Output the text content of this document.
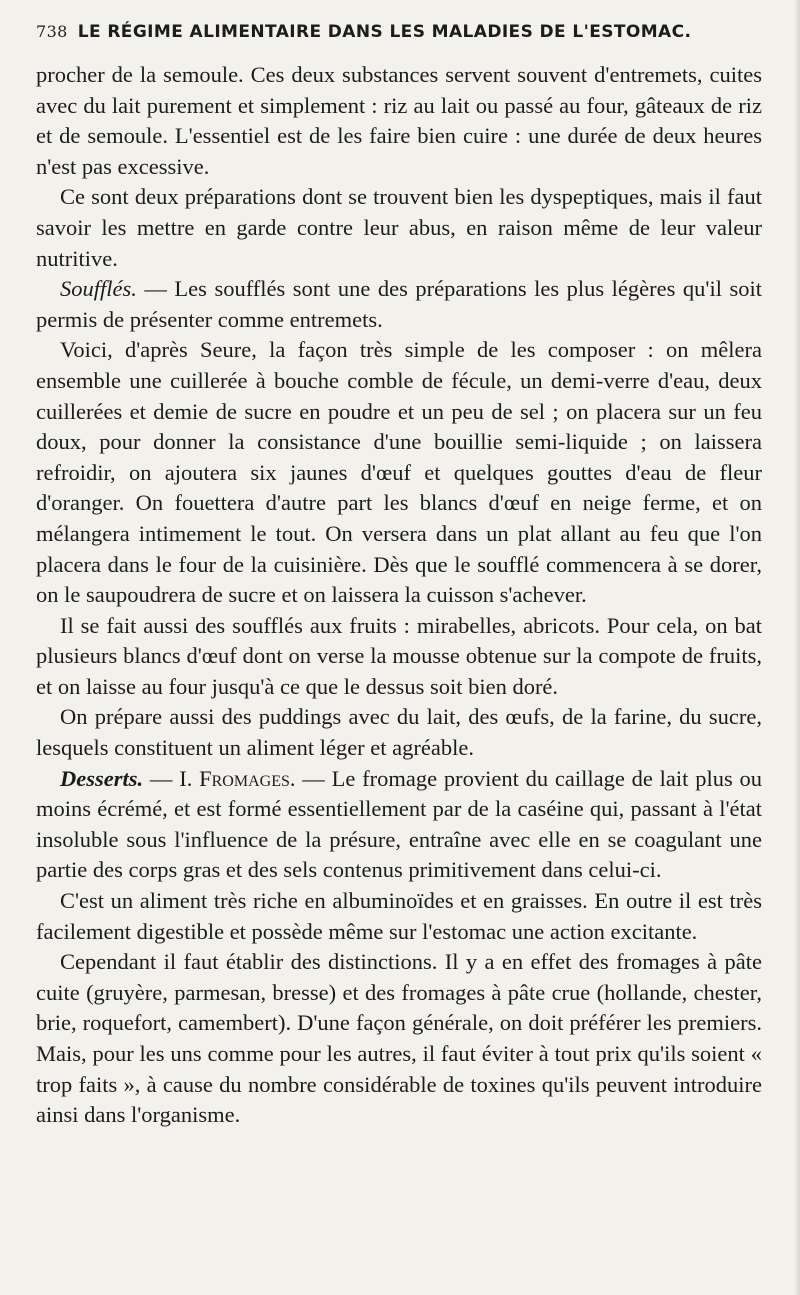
738 LE RÉGIME ALIMENTAIRE DANS LES MALADIES DE L'ESTOMAC.

procher de la semoule. Ces deux substances servent souvent d'entremets, cuites avec du lait purement et simplement : riz au lait ou passé au four, gâteaux de riz et de semoule. L'essentiel est de les faire bien cuire : une durée de deux heures n'est pas excessive.

Ce sont deux préparations dont se trouvent bien les dyspeptiques, mais il faut savoir les mettre en garde contre leur abus, en raison même de leur valeur nutritive.

Soufflés. — Les soufflés sont une des préparations les plus légères qu'il soit permis de présenter comme entremets.

Voici, d'après Seure, la façon très simple de les composer : on mêlera ensemble une cuillerée à bouche comble de fécule, un demi-verre d'eau, deux cuillerées et demie de sucre en poudre et un peu de sel ; on placera sur un feu doux, pour donner la consistance d'une bouillie semi-liquide ; on laissera refroidir, on ajoutera six jaunes d'œuf et quelques gouttes d'eau de fleur d'oranger. On fouettera d'autre part les blancs d'œuf en neige ferme, et on mélangera intimement le tout. On versera dans un plat allant au feu que l'on placera dans le four de la cuisinière. Dès que le soufflé commencera à se dorer, on le saupoudrera de sucre et on laissera la cuisson s'achever.

Il se fait aussi des soufflés aux fruits : mirabelles, abricots. Pour cela, on bat plusieurs blancs d'œuf dont on verse la mousse obtenue sur la compote de fruits, et on laisse au four jusqu'à ce que le dessus soit bien doré.

On prépare aussi des puddings avec du lait, des œufs, de la farine, du sucre, lesquels constituent un aliment léger et agréable.

Desserts. — I. Fromages. — Le fromage provient du caillage de lait plus ou moins écrémé, et est formé essentiellement par de la caséine qui, passant à l'état insoluble sous l'influence de la présure, entraîne avec elle en se coagulant une partie des corps gras et des sels contenus primitivement dans celui-ci.

C'est un aliment très riche en albuminoïdes et en graisses. En outre il est très facilement digestible et possède même sur l'estomac une action excitante.

Cependant il faut établir des distinctions. Il y a en effet des fromages à pâte cuite (gruyère, parmesan, bresse) et des fromages à pâte crue (hollande, chester, brie, roquefort, camembert). D'une façon générale, on doit préférer les premiers. Mais, pour les uns comme pour les autres, il faut éviter à tout prix qu'ils soient « trop faits », à cause du nombre considérable de toxines qu'ils peuvent introduire ainsi dans l'organisme.
